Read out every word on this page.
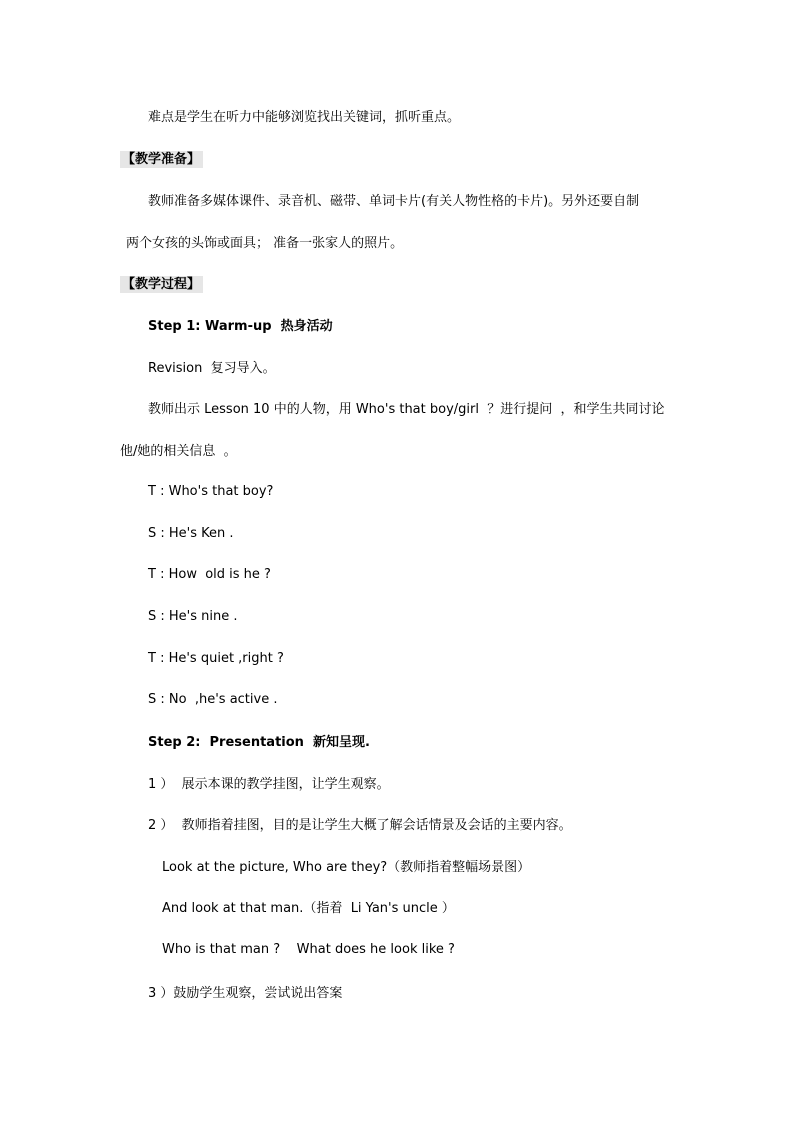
难点是学生在听力中能够浏览找出关键词，抓听重点。
【教学准备】
教师准备多媒体课件、录音机、磁带、单词卡片(有关人物性格的卡片)。另外还要自制
两个女孩的头饰或面具； 准备一张家人的照片。
【教学过程】
Step 1: Warm-up  热身活动
Revision  复习导入。
教师出示 Lesson 10 中的人物，用 Who's that boy/girl  ？进行提问  ，和学生共同讨论
他/她的相关信息  。
T : Who's that boy?
S : He's Ken .
T : How  old is he ?
S : He's nine .
T : He's quiet ,right ?
S : No  ,he's active .
Step 2:  Presentation  新知呈现.
1 ）  展示本课的教学挂图，让学生观察。
2 ）  教师指着挂图，目的是让学生大概了解会话情景及会话的主要内容。
Look at the picture, Who are they?（教师指着整幅场景图）
And look at that man.（指着  Li Yan's uncle ）
Who is that man ?    What does he look like ?
3 ）鼓励学生观察，尝试说出答案
